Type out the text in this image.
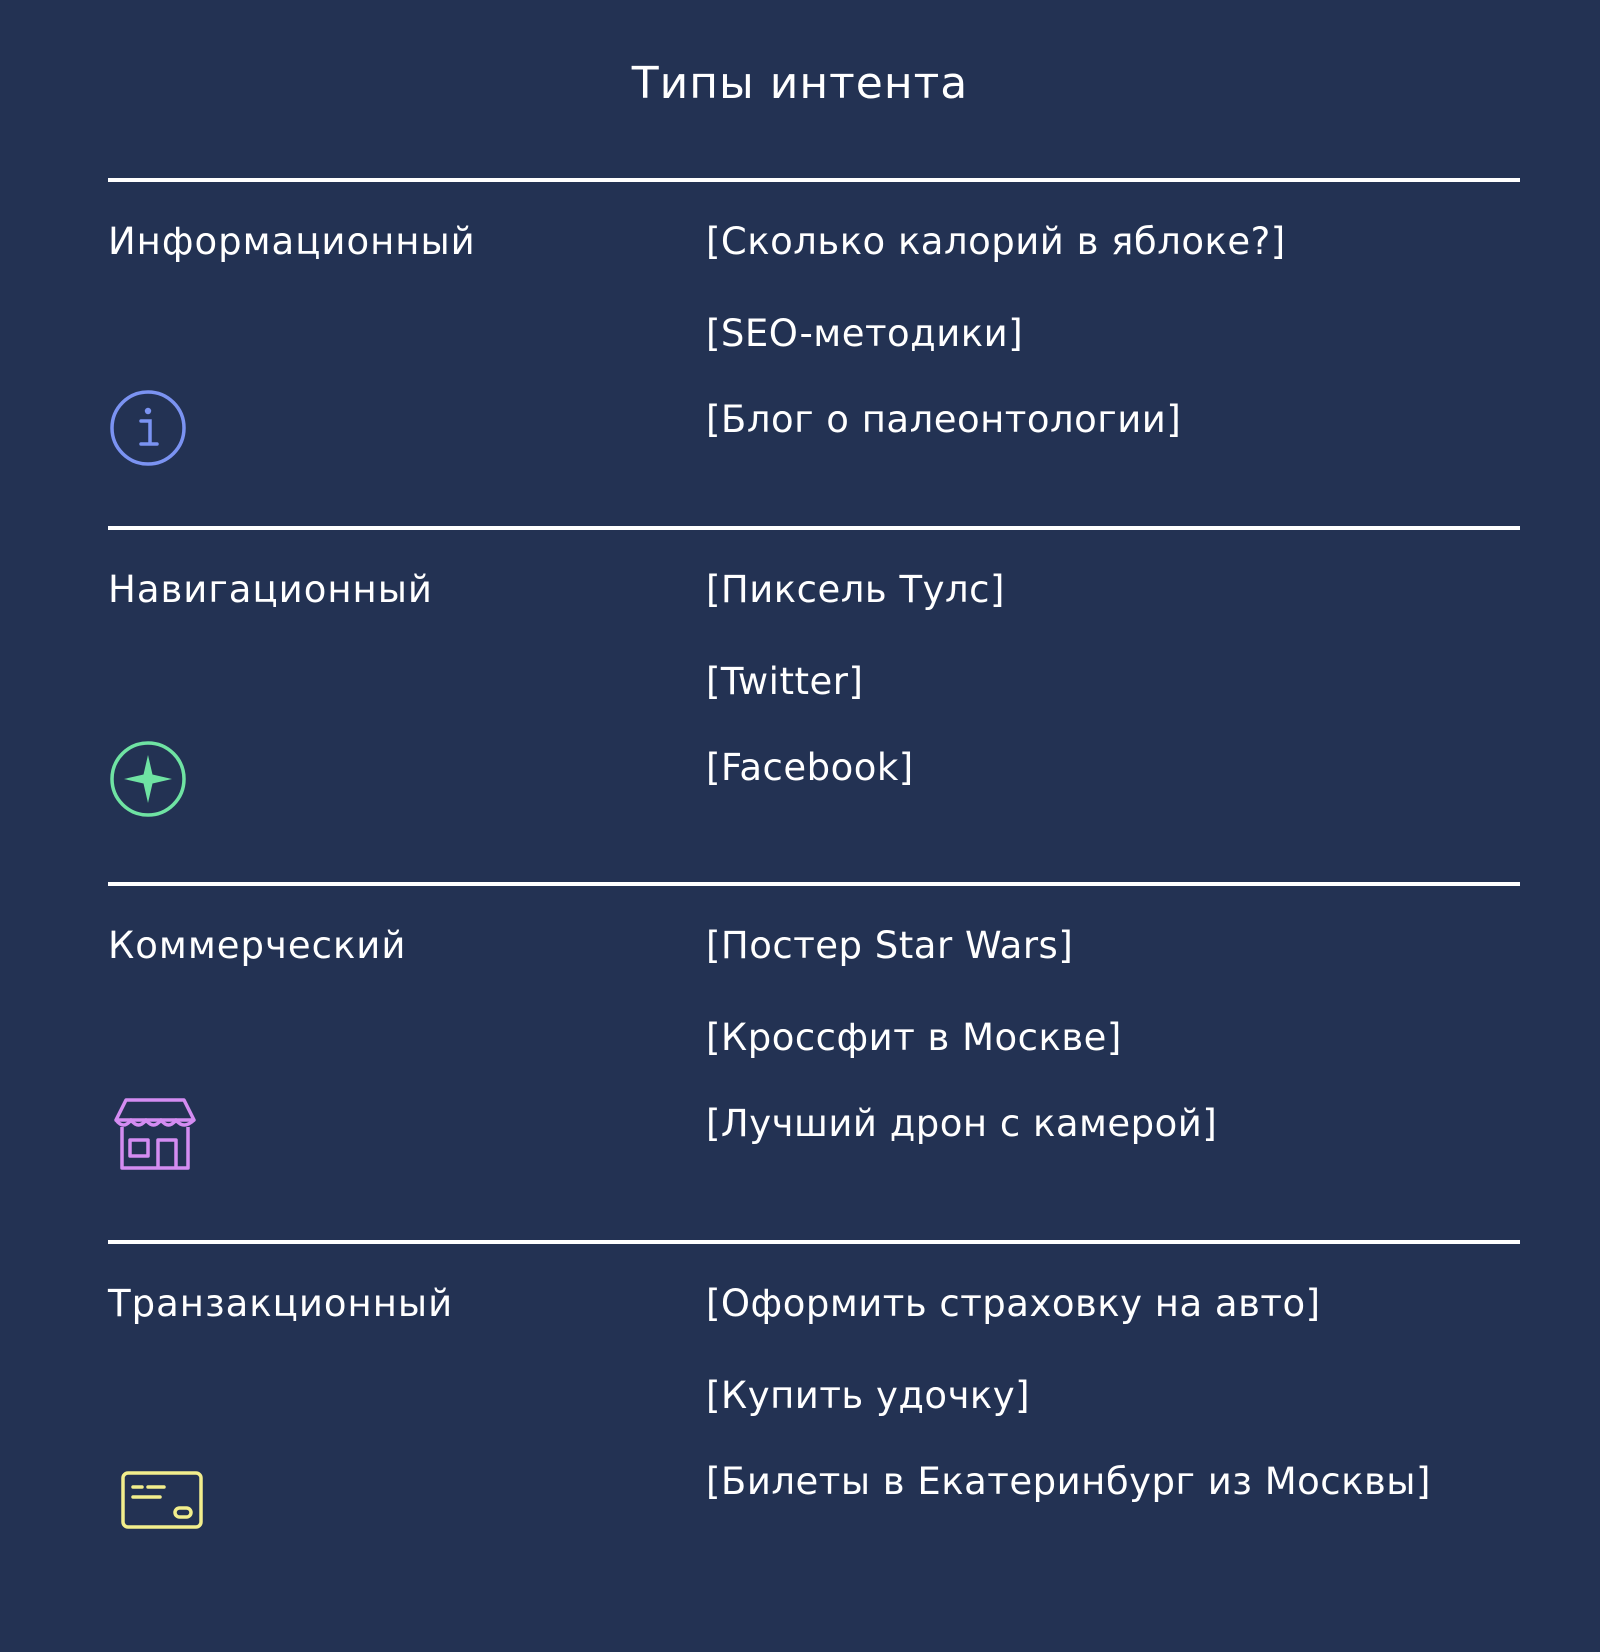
Типы интента
Информационный	[Сколько калорий в яблоке?]
[SEO-методики]
[Блог о палеонтологии]
Навигационный	[Пиксель Тулс]
[Twitter]
[Facebook]
Коммерческий	[Постер Star Wars]
[Кроссфит в Москве]
[Лучший дрон с камерой]
Транзакционный	[Оформить страховку на авто]
[Купить удочку]
[Билеты в Екатеринбург из Москвы]
